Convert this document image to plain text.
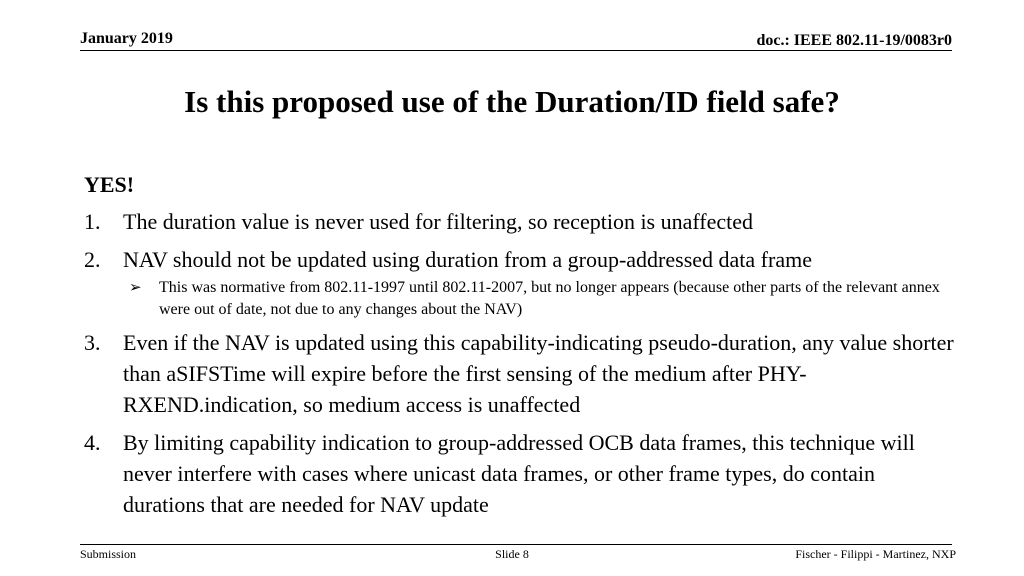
January 2019	doc.: IEEE 802.11-19/0083r0
Is this proposed use of the Duration/ID field safe?
YES!
1.	The duration value is never used for filtering, so reception is unaffected
2.	NAV should not be updated using duration from a group-addressed data frame
➢	This was normative from 802.11-1997 until 802.11-2007, but no longer appears (because other parts of the relevant annex were out of date, not due to any changes about the NAV)
3.	Even if the NAV is updated using this capability-indicating pseudo-duration, any value shorter than aSIFSTime will expire before the first sensing of the medium after PHY-RXEND.indication, so medium access is unaffected
4.	By limiting capability indication to group-addressed OCB data frames, this technique will never interfere with cases where unicast data frames, or other frame types, do contain durations that are needed for NAV update
Submission	Slide 8	Fischer - Filippi - Martinez, NXP
